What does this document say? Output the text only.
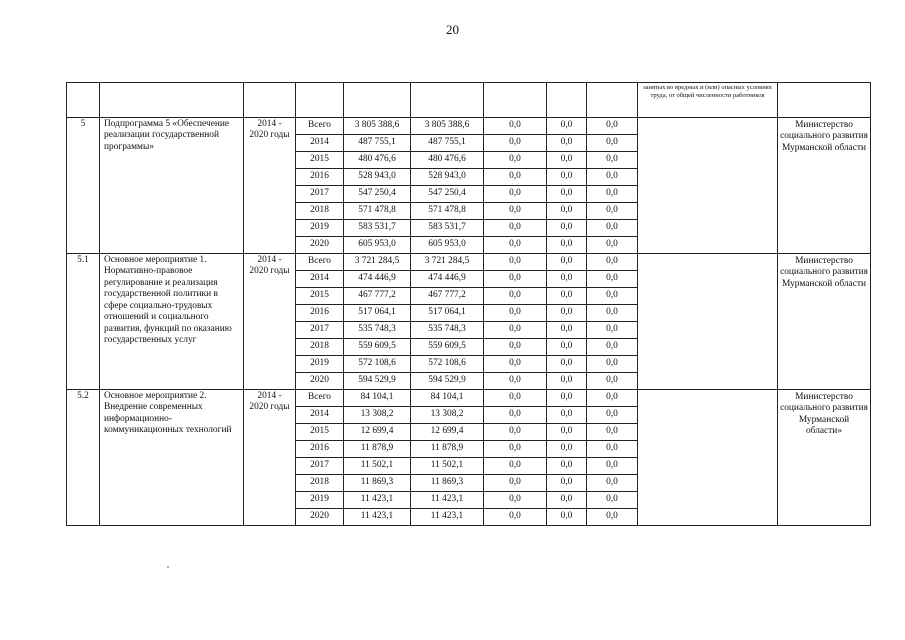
20
									занятых во вредных и (или) опасных условиях труда, от общей численности работников	
5	Подпрограмма 5 «Обеспечение реализации государственной программы»	2014 - 2020 годы	Всего	3 805 388,6	3 805 388,6	0,0	0,0	0,0		Министерство социального развития Мурманской области
			2014	487 755,1	487 755,1	0,0	0,0	0,0		
			2015	480 476,6	480 476,6	0,0	0,0	0,0		
			2016	528 943,0	528 943,0	0,0	0,0	0,0		
			2017	547 250,4	547 250,4	0,0	0,0	0,0		
			2018	571 478,8	571 478,8	0,0	0,0	0,0		
			2019	583 531,7	583 531,7	0,0	0,0	0,0		
			2020	605 953,0	605 953,0	0,0	0,0	0,0		
5.1	Основное мероприятие 1. Нормативно-правовое регулирование и реализация государственной политики в сфере социально-трудовых отношений и социального развития, функций по оказанию государственных услуг	2014 - 2020 годы	Всего	3 721 284,5	3 721 284,5	0,0	0,0	0,0		Министерство социального развития Мурманской области
			2014	474 446,9	474 446,9	0,0	0,0	0,0		
			2015	467 777,2	467 777,2	0,0	0,0	0,0		
			2016	517 064,1	517 064,1	0,0	0,0	0,0		
			2017	535 748,3	535 748,3	0,0	0,0	0,0		
			2018	559 609,5	559 609,5	0,0	0,0	0,0		
			2019	572 108,6	572 108,6	0,0	0,0	0,0		
			2020	594 529,9	594 529,9	0,0	0,0	0,0		
5.2	Основное мероприятие 2. Внедрение современных информационно-коммуникационных технологий	2014 - 2020 годы	Всего	84 104,1	84 104,1	0,0	0,0	0,0		Министерство социального развития Мурманской области»
			2014	13 308,2	13 308,2	0,0	0,0	0,0		
			2015	12 699,4	12 699,4	0,0	0,0	0,0		
			2016	11 878,9	11 878,9	0,0	0,0	0,0		
			2017	11 502,1	11 502,1	0,0	0,0	0,0		
			2018	11 869,3	11 869,3	0,0	0,0	0,0		
			2019	11 423,1	11 423,1	0,0	0,0	0,0		
			2020	11 423,1	11 423,1	0,0	0,0	0,0		
